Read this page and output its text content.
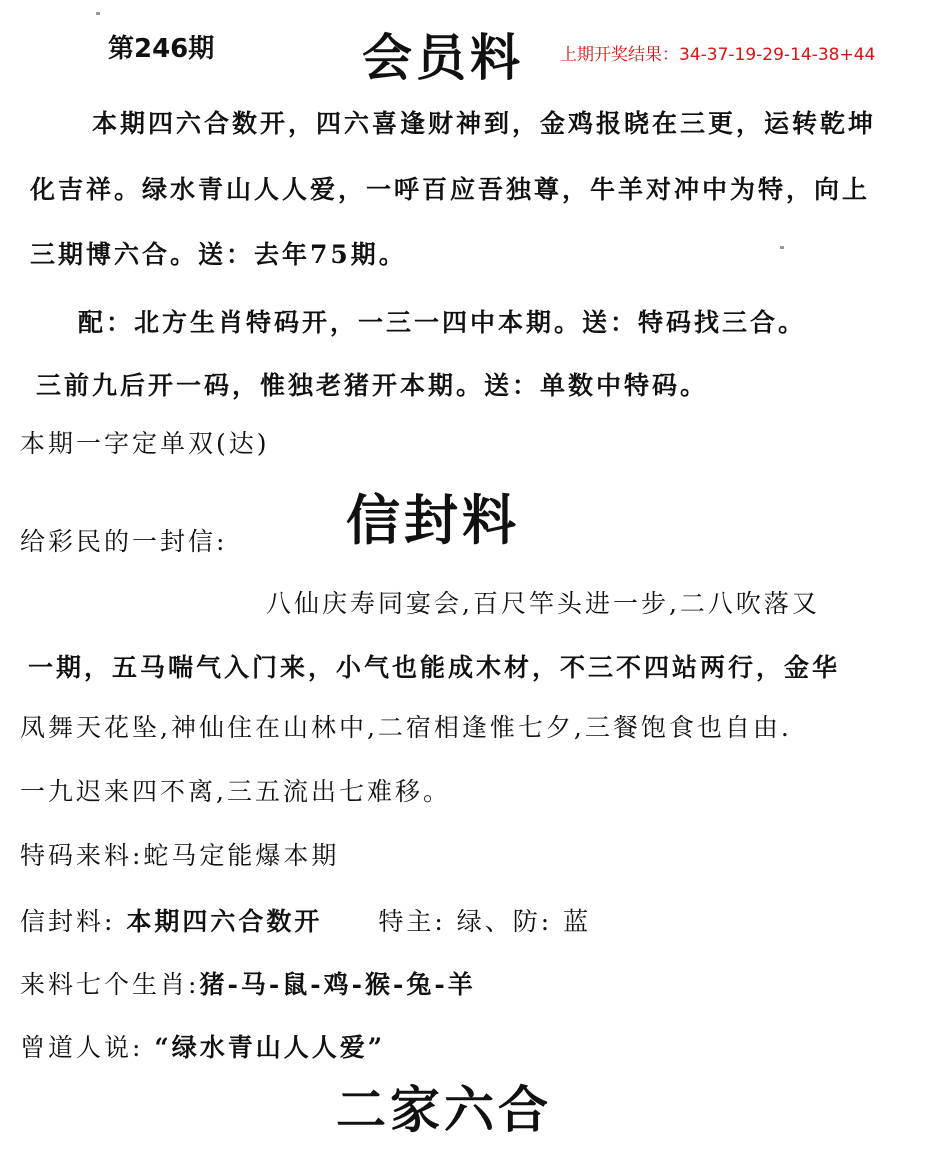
第246期	会员料 上期开奖结果：34-37-19-29-14-38+44
本期四六合数开，四六喜逢财神到，金鸡报晓在三更，运转乾坤
化吉祥。绿水青山人人爱，一呼百应吾独尊，牛羊对冲中为特，向上
三期博六合。送：去年75期。
配：北方生肖特码开，一三一四中本期。送：特码找三合。
三前九后开一码，惟独老猪开本期。送：单数中特码。
本期一字定单双(达)
信封料
给彩民的一封信:
八仙庆寿同宴会,百尺竿头进一步,二八吹落又
一期，五马喘气入门来，小气也能成木材，不三不四站两行，金华
凤舞天花坠,神仙住在山林中,二宿相逢惟七夕,三餐饱食也自由.
一九迟来四不离,三五流出七难移。
特码来料:蛇马定能爆本期
信封料: 本期四六合数开 特主: 绿、防: 蓝
来料七个生肖:猪-马-鼠-鸡-猴-兔-羊
曾道人说: “绿水青山人人爱”
二家六合
